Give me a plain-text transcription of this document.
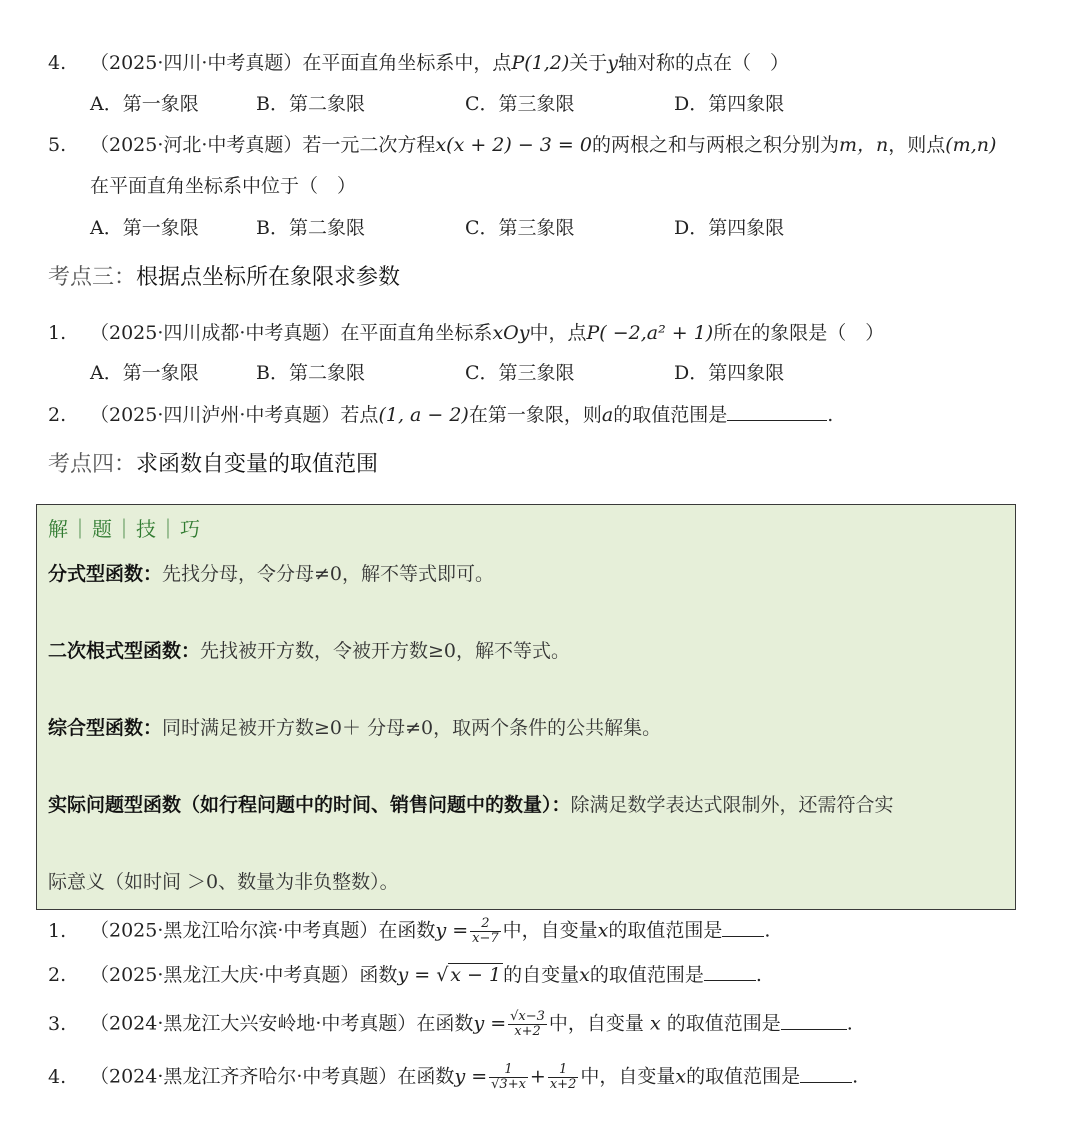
4. （2025·四川·中考真题）在平面直角坐标系中，点P(1,2)关于y轴对称的点在（　）
A．第一象限	B．第二象限	C．第三象限	D．第四象限
5. （2025·河北·中考真题）若一元二次方程x(x + 2) − 3 = 0的两根之和与两根之积分别为m，n，则点(m,n)
在平面直角坐标系中位于（　）
A．第一象限	B．第二象限	C．第三象限	D．第四象限
考点三：根据点坐标所在象限求参数
1. （2025·四川成都·中考真题）在平面直角坐标系xOy中，点P( −2,a² + 1)所在的象限是（　）
A．第一象限	B．第二象限	C．第三象限	D．第四象限
2. （2025·四川泸州·中考真题）若点(1, a − 2)在第一象限，则a的取值范围是	.
考点四：求函数自变量的取值范围
解｜题｜技｜巧
分式型函数：先找分母，令分母≠0，解不等式即可。
二次根式型函数：先找被开方数，令被开方数≥0，解不等式。
综合型函数：同时满足被开方数≥0＋ 分母≠0，取两个条件的公共解集。
实际问题型函数（如行程问题中的时间、销售问题中的数量）：除满足数学表达式限制外，还需符合实
际意义（如时间 ＞0、数量为非负整数）。
1. （2025·黑龙江哈尔滨·中考真题）在函数$y = \frac{2}{x-7}$ 中，自变量x的取值范围是 .
2. （2025·黑龙江大庆·中考真题）函数y = √ x − 1 的自变量x的取值范围是	.
3. （2024·黑龙江大兴安岭地·中考真题）在函数$y = \frac{√x-3}{x+2}$ 中，自变量 x 的取值范围是	.
4. （2024·黑龙江齐齐哈尔·中考真题）在函数$y = \frac{1}{√3+x} + \frac{1}{x+2}$ 中，自变量x的取值范围是	.
